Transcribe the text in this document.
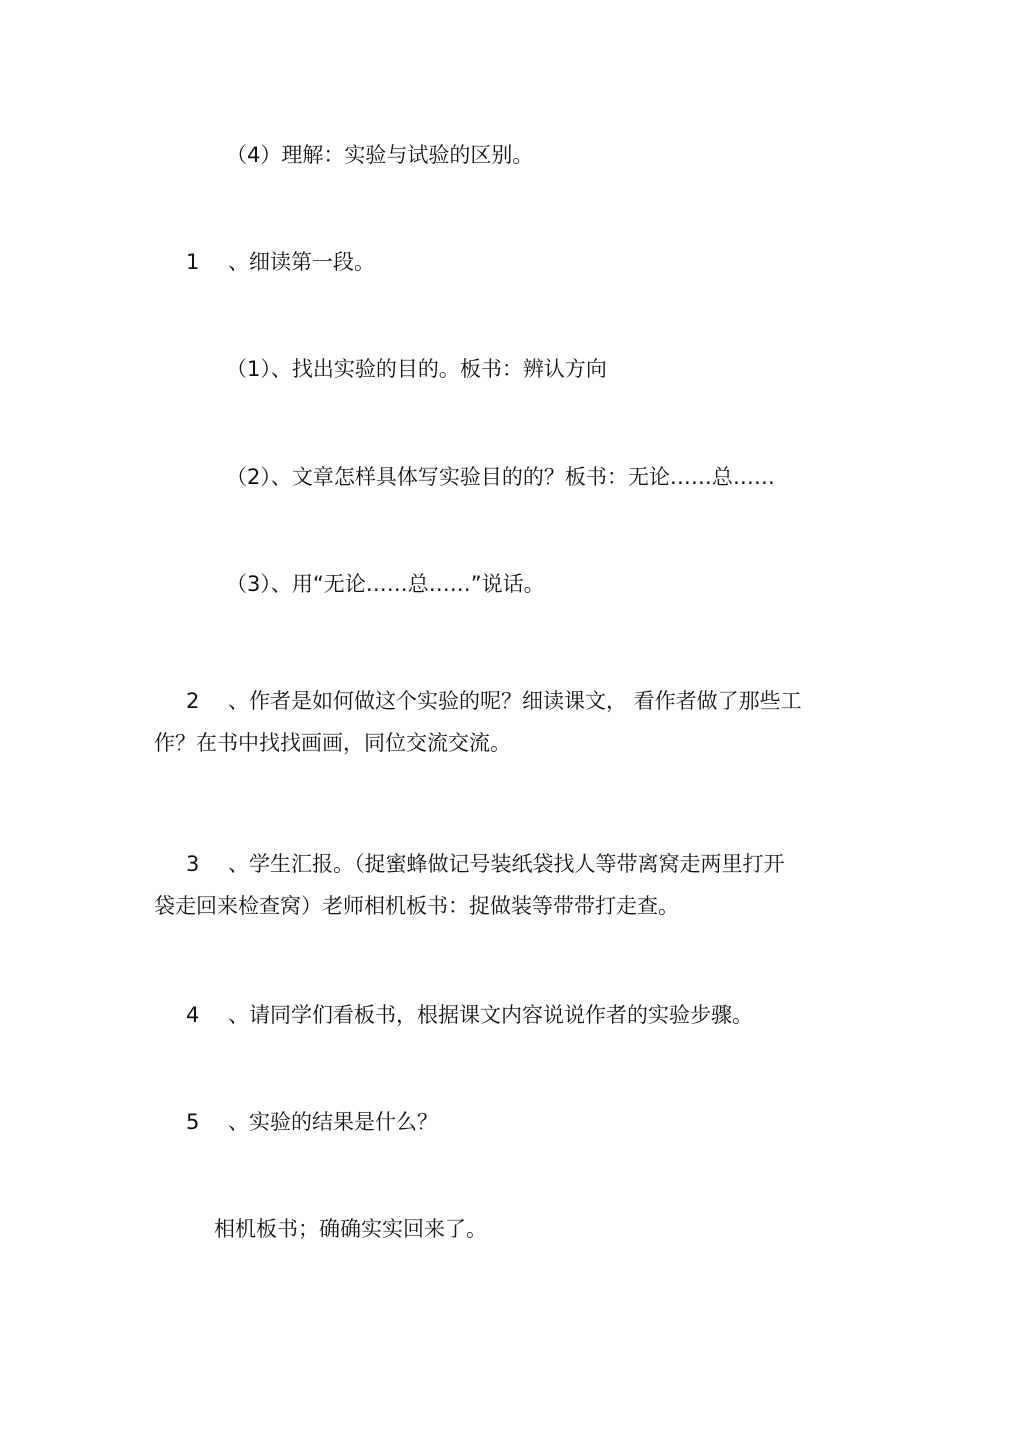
（4）理解：实验与试验的区别。
1 、细读第一段。
（1）、找出实验的目的。板书：辨认方向
（2）、文章怎样具体写实验目的的？板书：无论……总……
（3）、用“无论……总……”说话。
2 、作者是如何做这个实验的呢？细读课文， 看作者做了那些工
作？在书中找找画画，同位交流交流。
3 、学生汇报。（捉蜜蜂做记号装纸袋找人等带离窝走两里打开
袋走回来检查窝）老师相机板书：捉做装等带带打走查。
4 、请同学们看板书，根据课文内容说说作者的实验步骤。
5 、实验的结果是什么？
相机板书；确确实实回来了。
